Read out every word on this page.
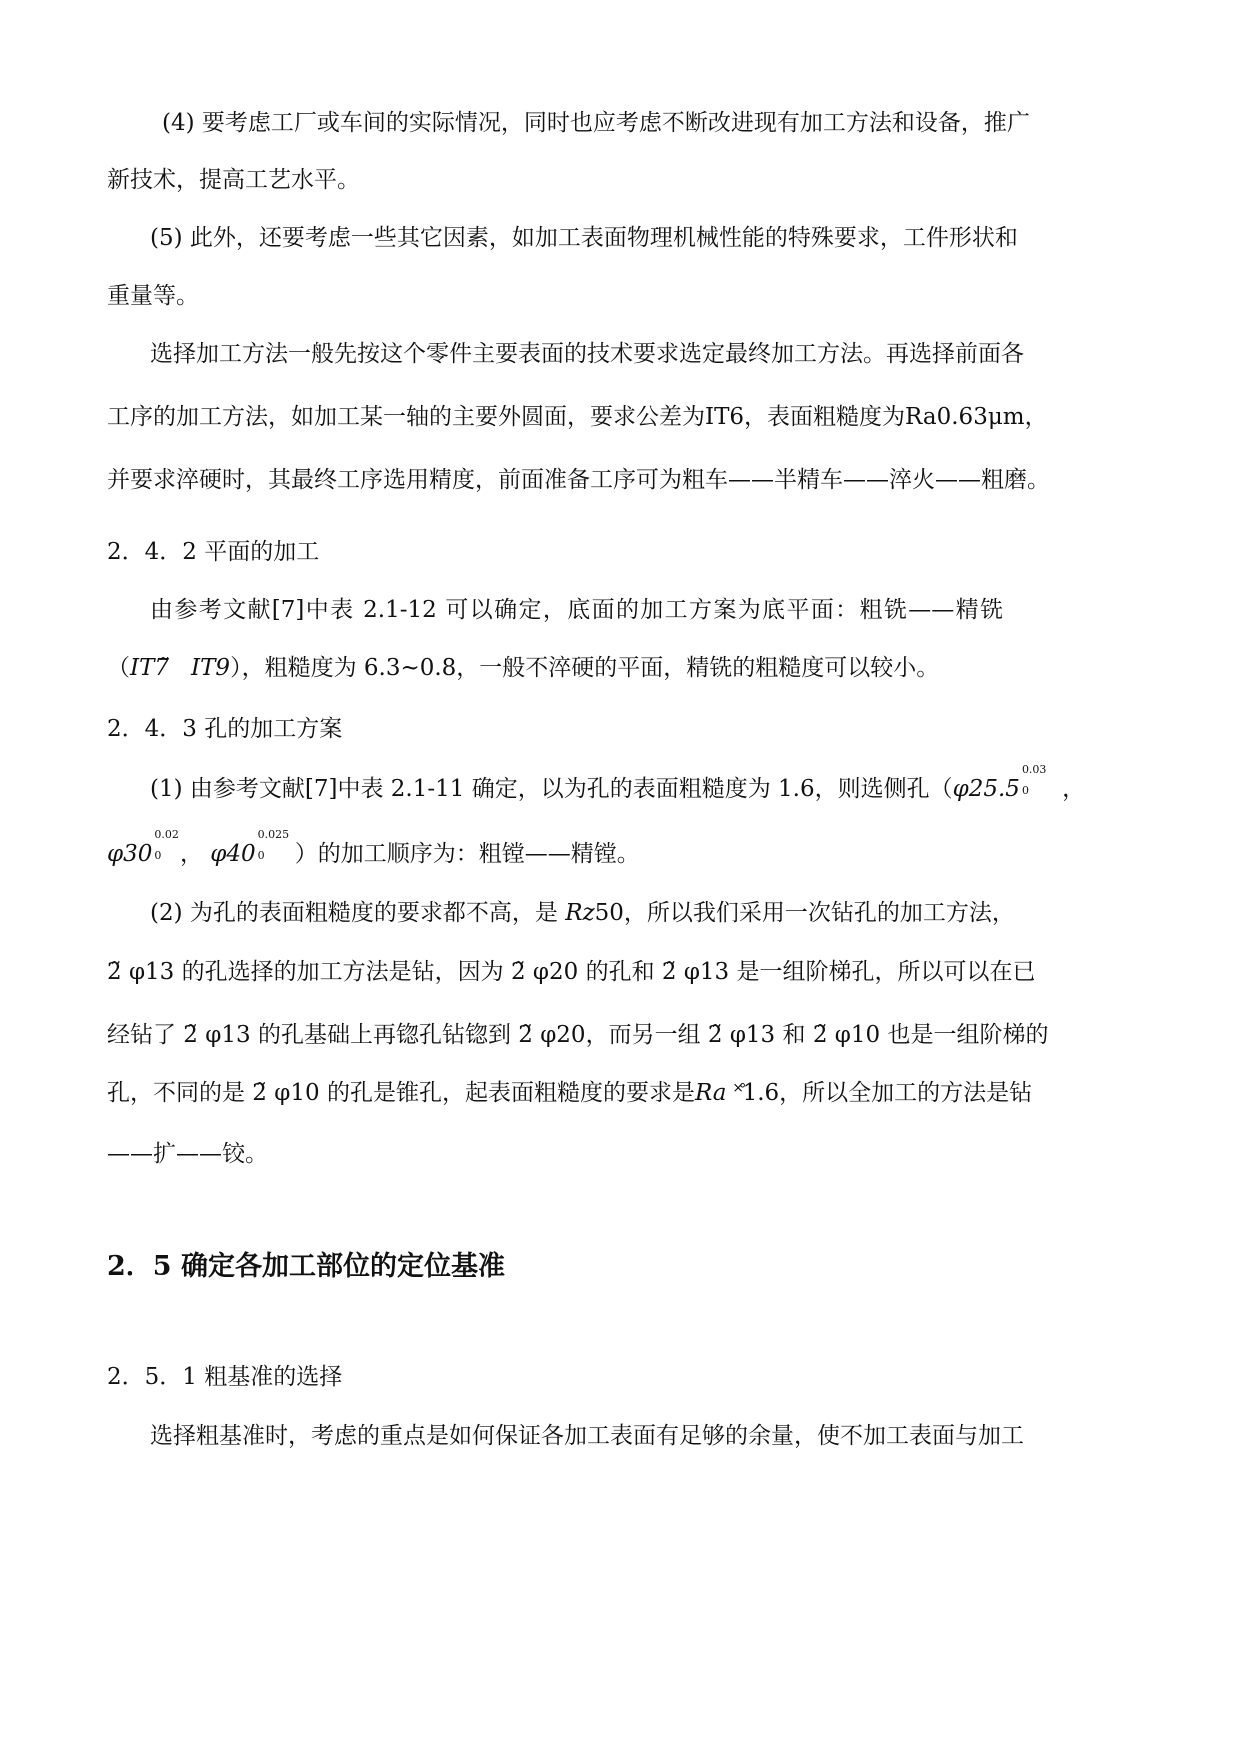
(4) 要考虑工厂或车间的实际情况，同时也应考虑不断改进现有加工方法和设备，推广
新技术，提高工艺水平。
(5) 此外，还要考虑一些其它因素，如加工表面物理机械性能的特殊要求，工件形状和
重量等。
选择加工方法一般先按这个零件主要表面的技术要求选定最终加工方法。再选择前面各
工序的加工方法，如加工某一轴的主要外圆面，要求公差为IT6，表面粗糙度为Ra0.63μm，
并要求淬硬时，其最终工序选用精度，前面准备工序可为粗车——半精车——淬火——粗磨。
2．4．2 平面的加工
由参考文献[7]中表 2.1-12 可以确定，底面的加工方案为底平面：粗铣——精铣
（IT7̃ IT9），粗糙度为 6.3~0.8，一般不淬硬的平面，精铣的粗糙度可以较小。
2．4．3 孔的加工方案
(1) 由参考文献[7]中表 2.1-11 确定，以为孔的表面粗糙度为 1.6，则选侧孔（φ25.5
0.03
0 ，
φ30
0.02
0 ， φ40
0.025
0 ）的加工顺序为：粗镗——精镗。
(2) 为孔的表面粗糙度的要求都不高，是 Rz50，所以我们采用一次钻孔的加工方法，
2̃ φ13 的孔选择的加工方法是钻，因为 2̃ φ20 的孔和 2̃ φ13 是一组阶梯孔，所以可以在已
经钻了 2̃ φ13 的孔基础上再锪孔钻锪到 2̃ φ20，而另一组 2̃ φ13 和 2̃ φ10 也是一组阶梯的
孔，不同的是 2̃ φ10 的孔是锥孔，起表面粗糙度的要求是Ra ˟̊1.6，所以全加工的方法是钻
——扩——铰。
2．5 确定各加工部位的定位基准
2．5．1 粗基准的选择
选择粗基准时，考虑的重点是如何保证各加工表面有足够的余量，使不加工表面与加工
